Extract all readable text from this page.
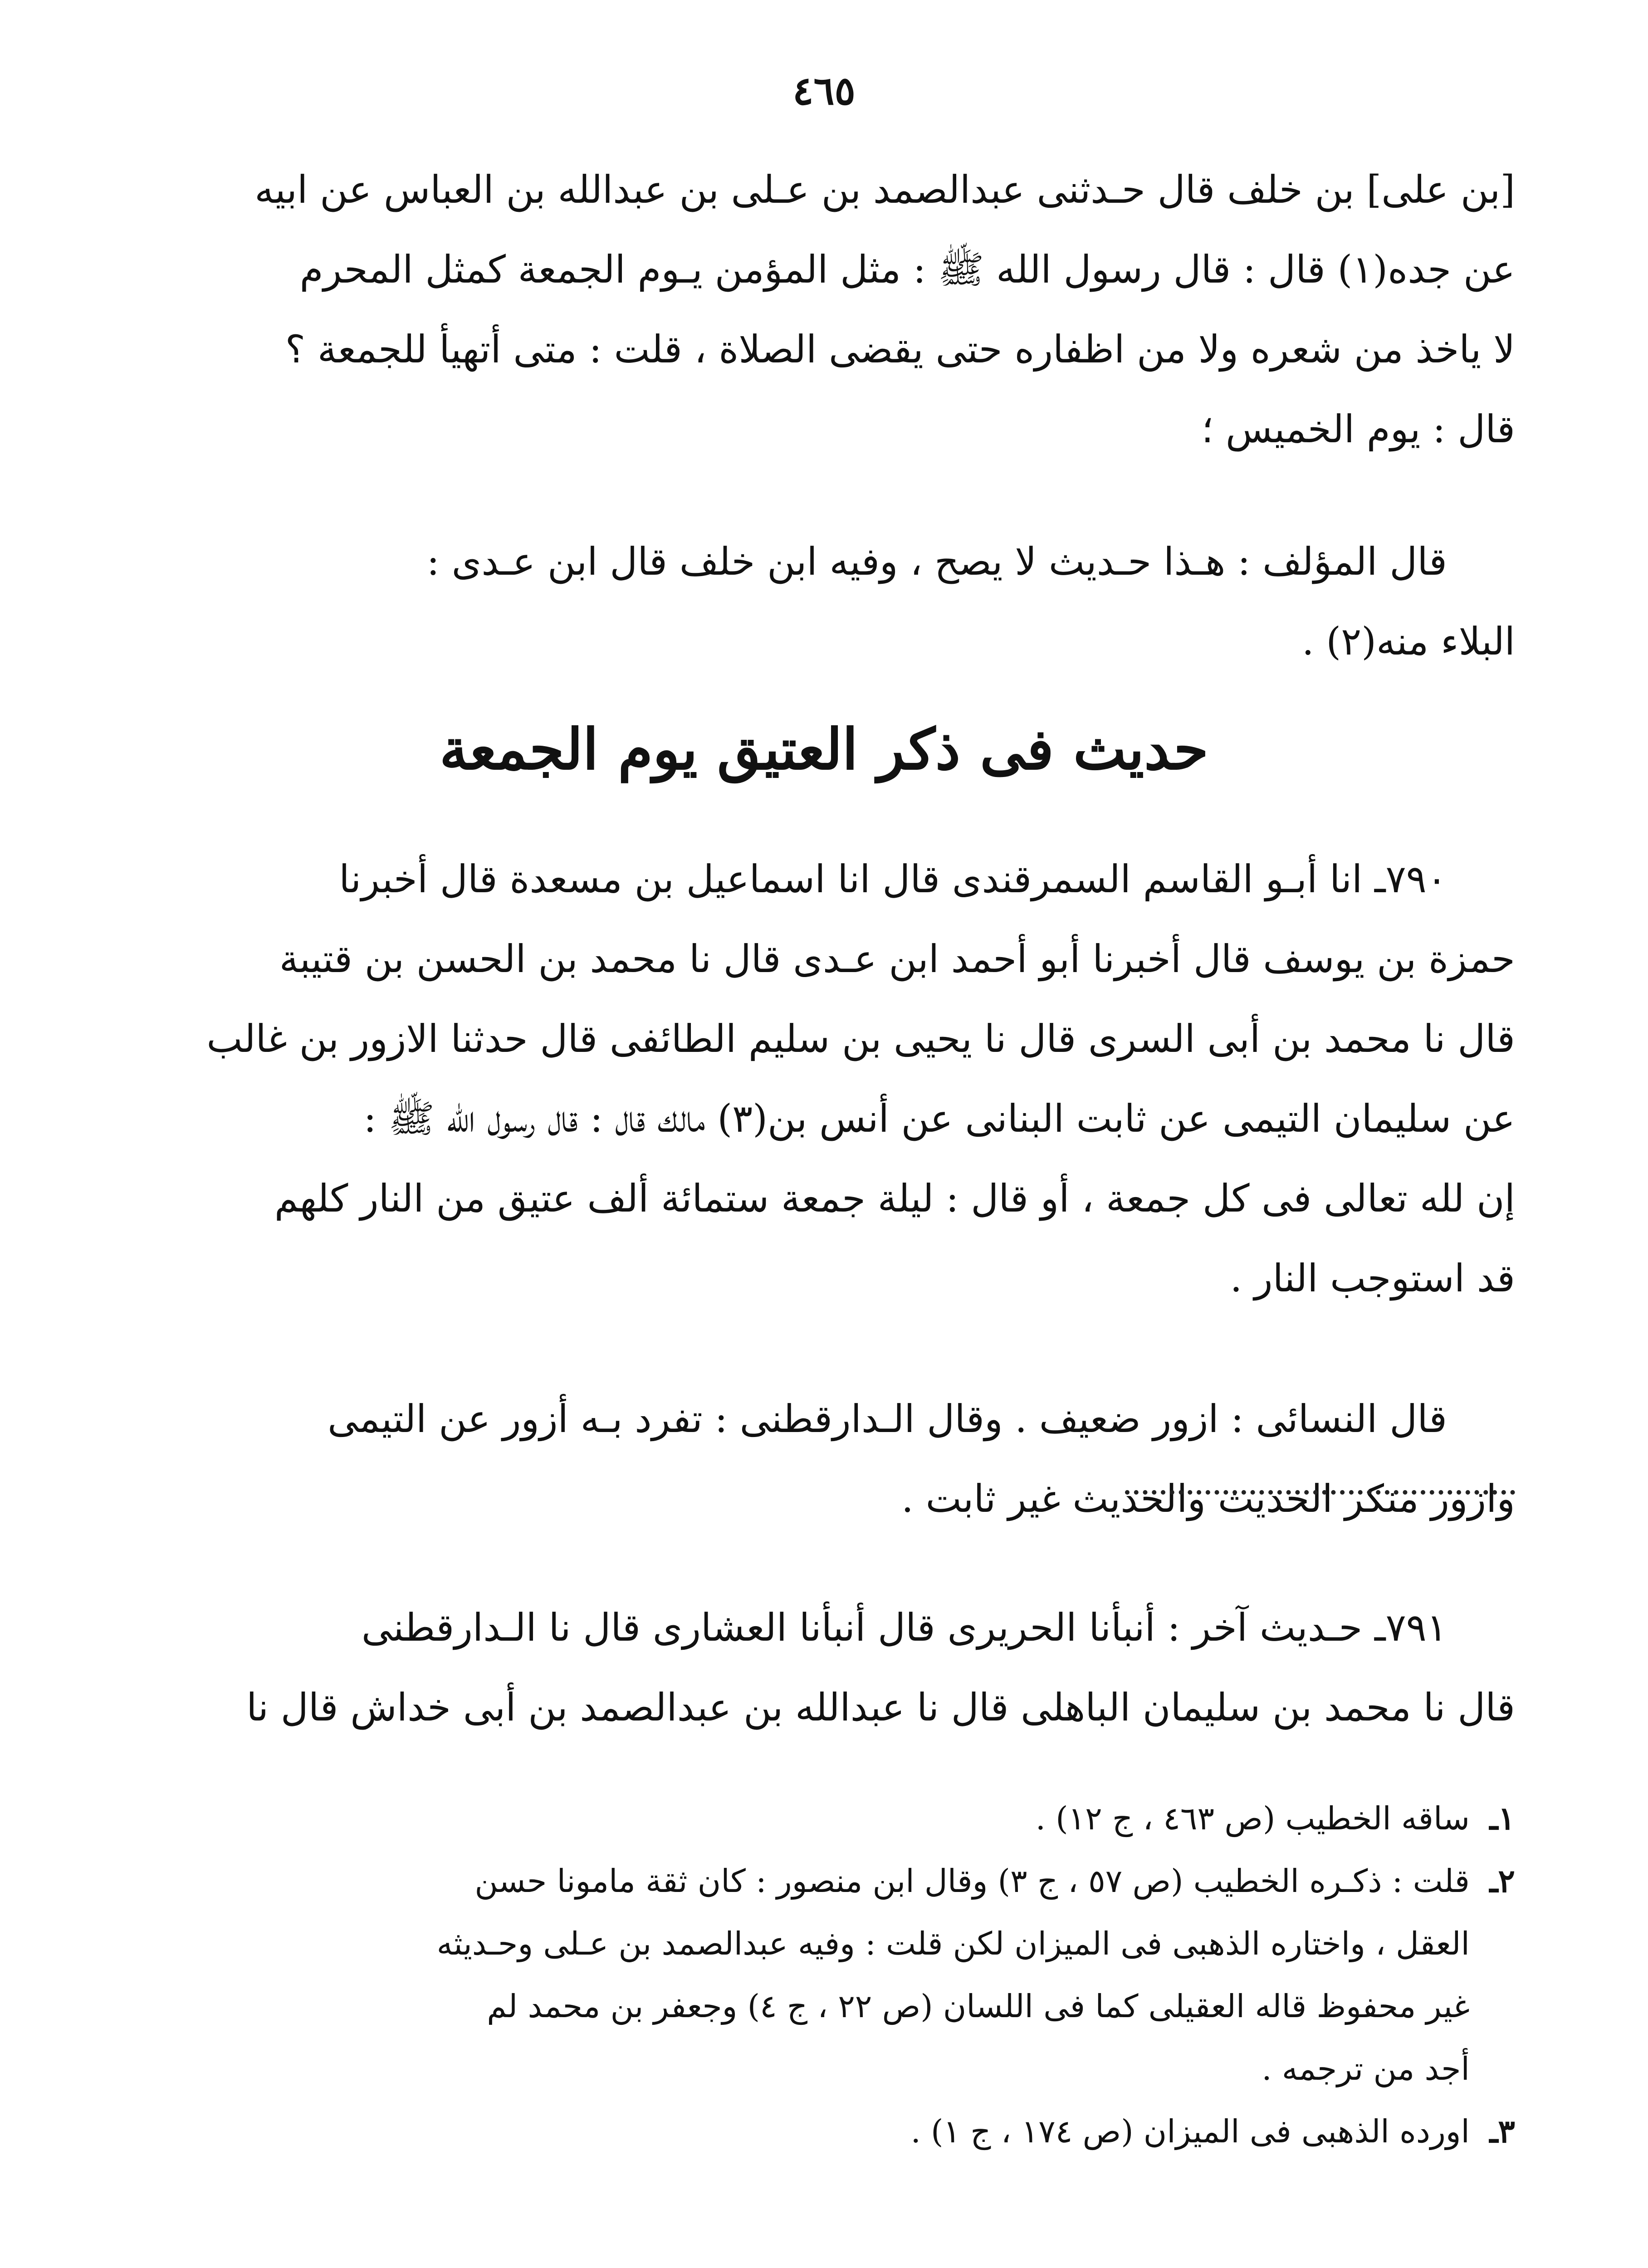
٤٦٥
[بن على] بن خلف قال حـدثنى عبدالصمد بن عـلى بن عبدالله بن العباس عن ابيه
عن جده(١) قال : قال رسول الله ﷺ : مثل المؤمن يـوم الجمعة كمثل المحرم
لا ياخذ من شعره ولا من اظفاره حتى يقضى الصلاة ، قلت : متى أتهيأ للجمعة ؟
قال : يوم الخميس ؛
قال المؤلف : هـذا حـديث لا يصح ، وفيه ابن خلف قال ابن عـدى :
البلاء منه(٢) .
حديث فى ذكر العتيق يوم الجمعة
٧٩٠ـ انا أبـو القاسم السمرقندى قال انا اسماعيل بن مسعدة قال أخبرنا
حمزة بن يوسف قال أخبرنا أبو أحمد ابن عـدى قال نا محمد بن الحسن بن قتيبة
قال نا محمد بن أبى السرى قال نا يحيى بن سليم الطائفى قال حدثنا الازور بن غالب
عن سليمان التيمى عن ثابت البنانى عن أنس بن(٣) مالك قال : قال رسول الله ﷺ :
إن لله تعالى فى كل جمعة ، أو قال : ليلة جمعة ستمائة ألف عتيق من النار كلهم
قد استوجب النار .
قال النسائى : ازور ضعيف . وقال الـدارقطنى : تفرد بـه أزور عن التيمى
وازور منكر الحديث والحديث غير ثابت .
٧٩١ـ حـديث آخر : أنبأنا الحريرى قال أنبأنا العشارى قال نا الـدارقطنى
قال نا محمد بن سليمان الباهلى قال نا عبدالله بن عبدالصمد بن أبى خداش قال نا
١ـ
ساقه الخطيب (ص ٤٦٣ ، ج ١٢) .
٢ـ
قلت : ذكـره الخطيب (ص ٥٧ ، ج ٣) وقال ابن منصور : كان ثقة مامونا حسن
العقل ، واختاره الذهبى فى الميزان لكن قلت : وفيه عبدالصمد بن عـلى وحـديثه
غير محفوظ قاله العقيلى كما فى اللسان (ص ٢٢ ، ج ٤) وجعفر بن محمد لم
أجد من ترجمه .
٣ـ
اورده الذهبى فى الميزان (ص ١٧٤ ، ج ١) .
